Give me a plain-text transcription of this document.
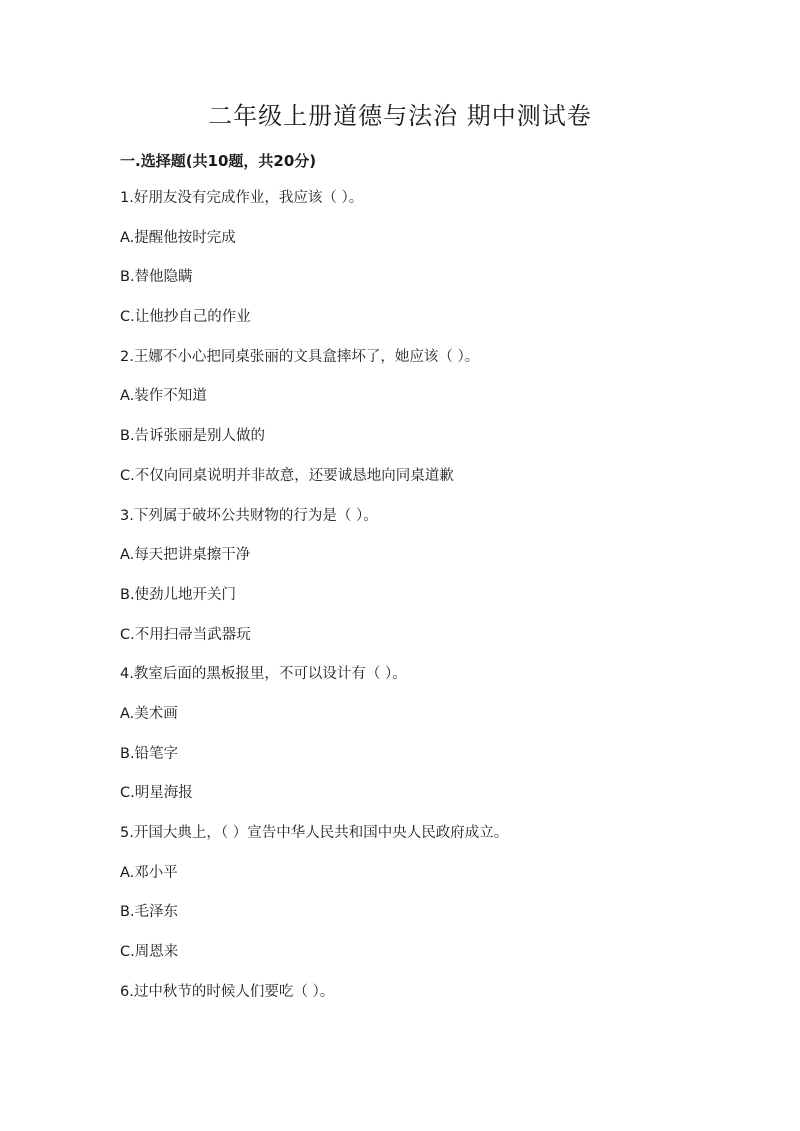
二年级上册道德与法治 期中测试卷
一.选择题(共10题，共20分)
1.好朋友没有完成作业，我应该（ ）。
A.提醒他按时完成
B.替他隐瞒
C.让他抄自己的作业
2.王娜不小心把同桌张丽的文具盒摔坏了，她应该（ ）。
A.装作不知道
B.告诉张丽是别人做的
C.不仅向同桌说明并非故意，还要诚恳地向同桌道歉
3.下列属于破坏公共财物的行为是（ ）。
A.每天把讲桌擦干净
B.使劲儿地开关门
C.不用扫帚当武器玩
4.教室后面的黑板报里，不可以设计有（ ）。
A.美术画
B.铅笔字
C.明星海报
5.开国大典上，（ ）宣告中华人民共和国中央人民政府成立。
A.邓小平
B.毛泽东
C.周恩来
6.过中秋节的时候人们要吃（ ）。
